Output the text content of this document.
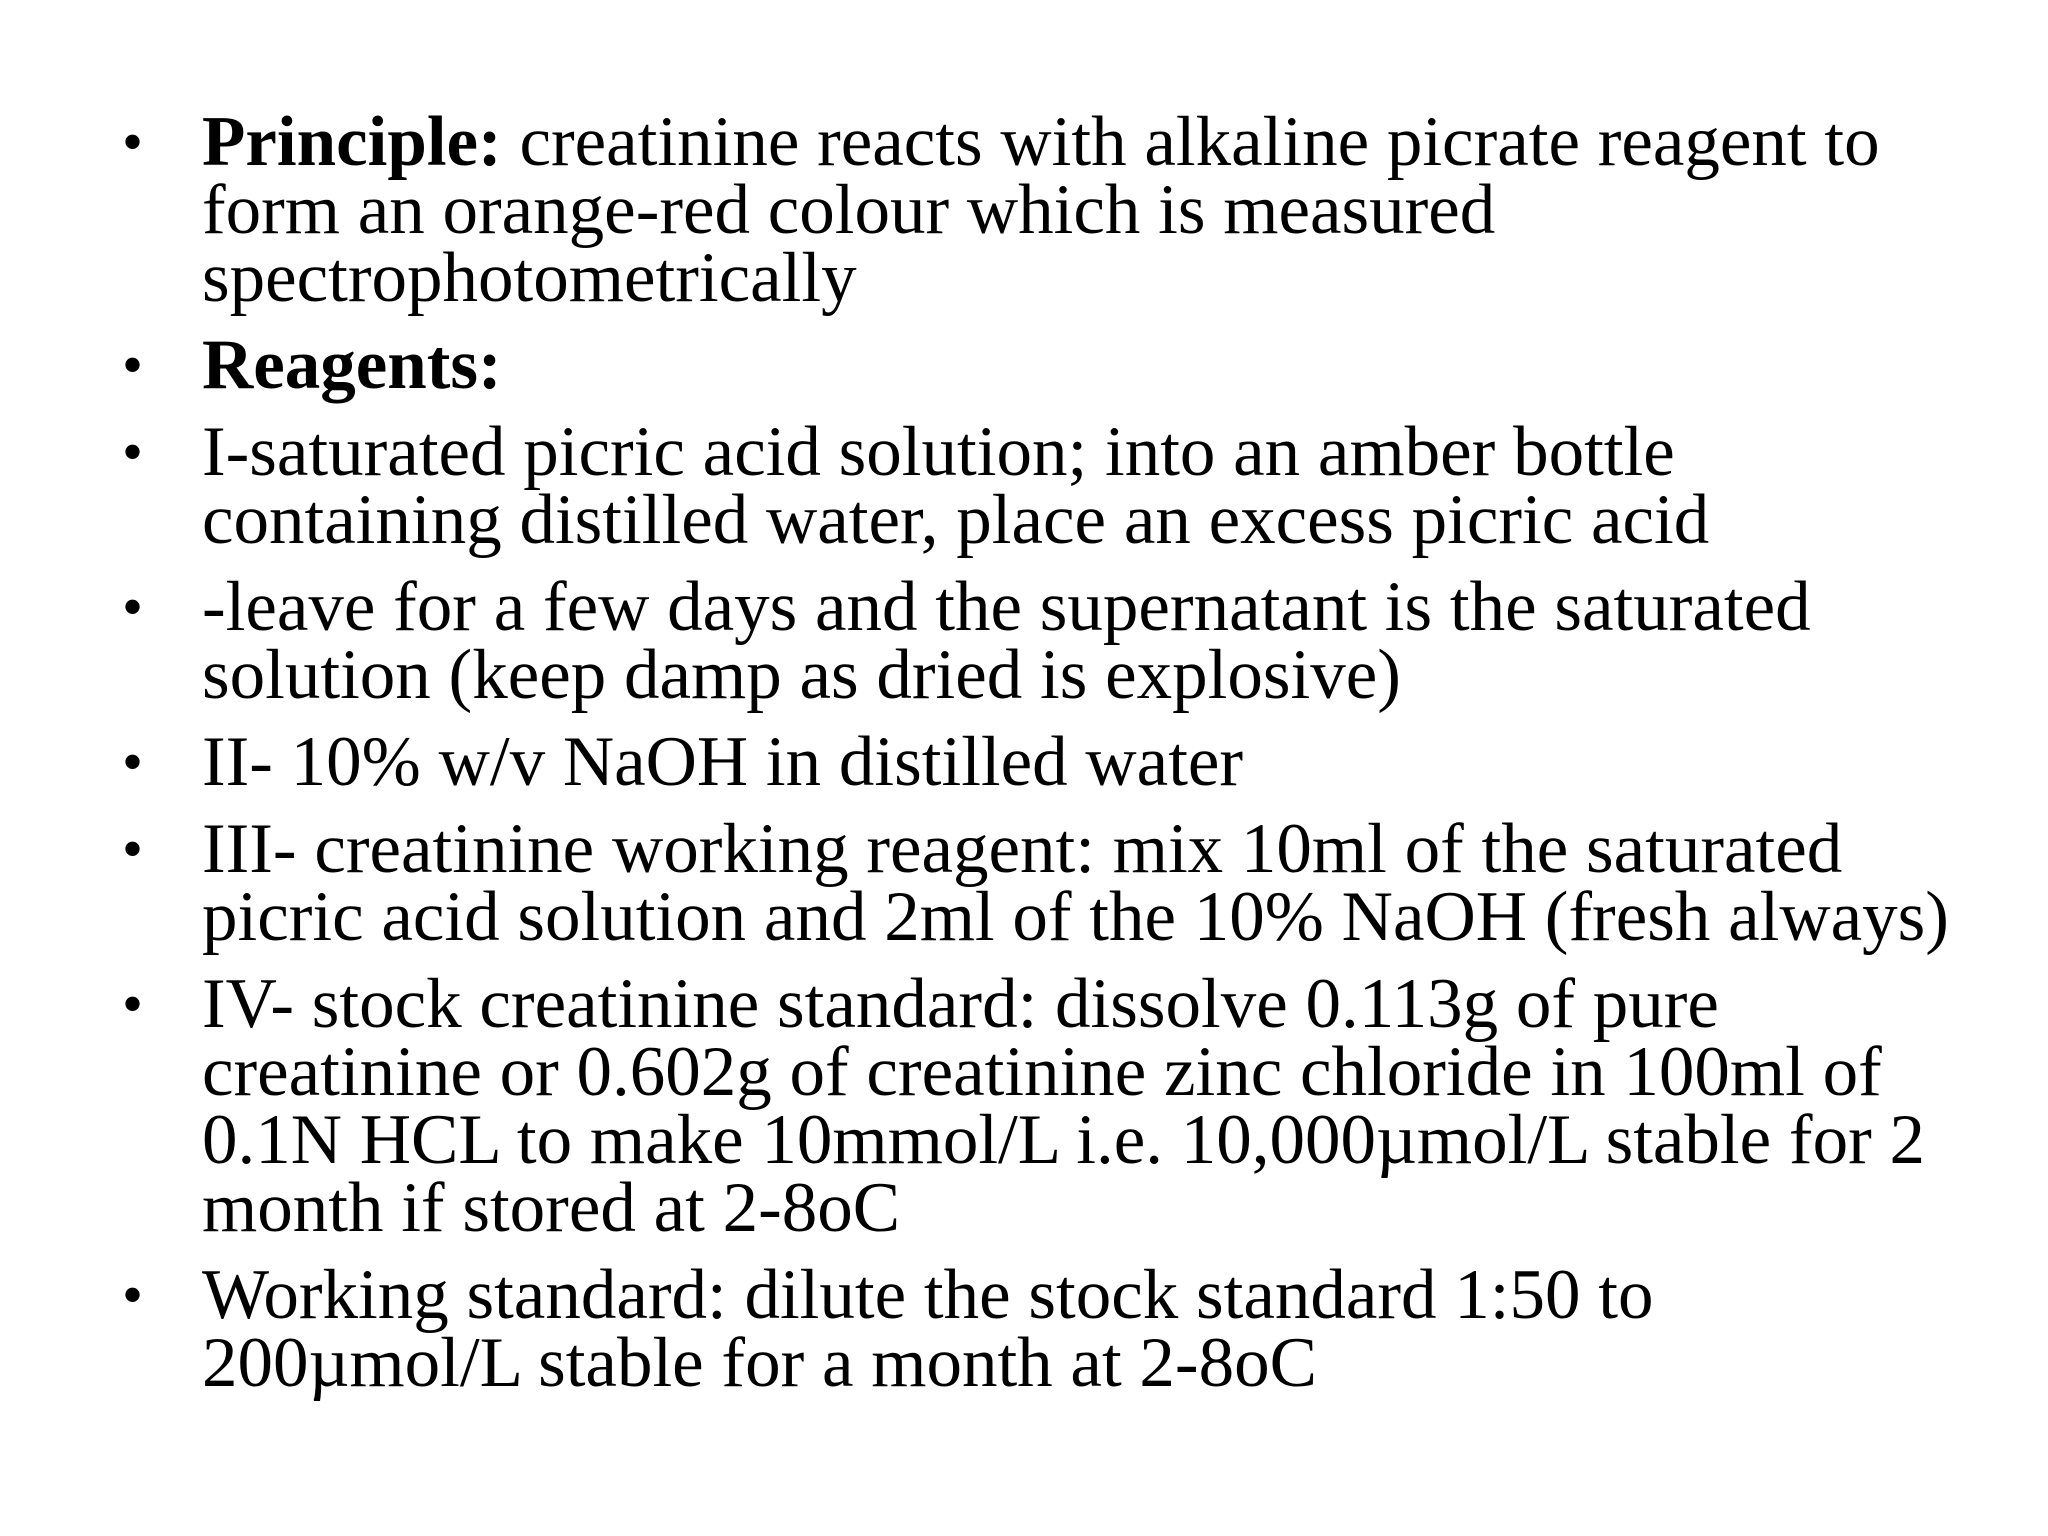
• Principle: creatinine reacts with alkaline picrate reagent to
form an orange-red colour which is measured
spectrophotometrically
• Reagents:
• I-saturated picric acid solution; into an amber bottle
containing distilled water, place an excess picric acid
• -leave for a few days and the supernatant is the saturated
solution (keep damp as dried is explosive)
• II- 10% w/v NaOH in distilled water
• III- creatinine working reagent: mix 10ml of the saturated
picric acid solution and 2ml of the 10% NaOH (fresh always)
• IV- stock creatinine standard: dissolve 0.113g of pure
creatinine or 0.602g of creatinine zinc chloride in 100ml of
0.1N HCL to make 10mmol/L i.e. 10,000µmol/L stable for 2
month if stored at 2-8oC
• Working standard: dilute the stock standard 1:50 to
200µmol/L stable for a month at 2-8oC
